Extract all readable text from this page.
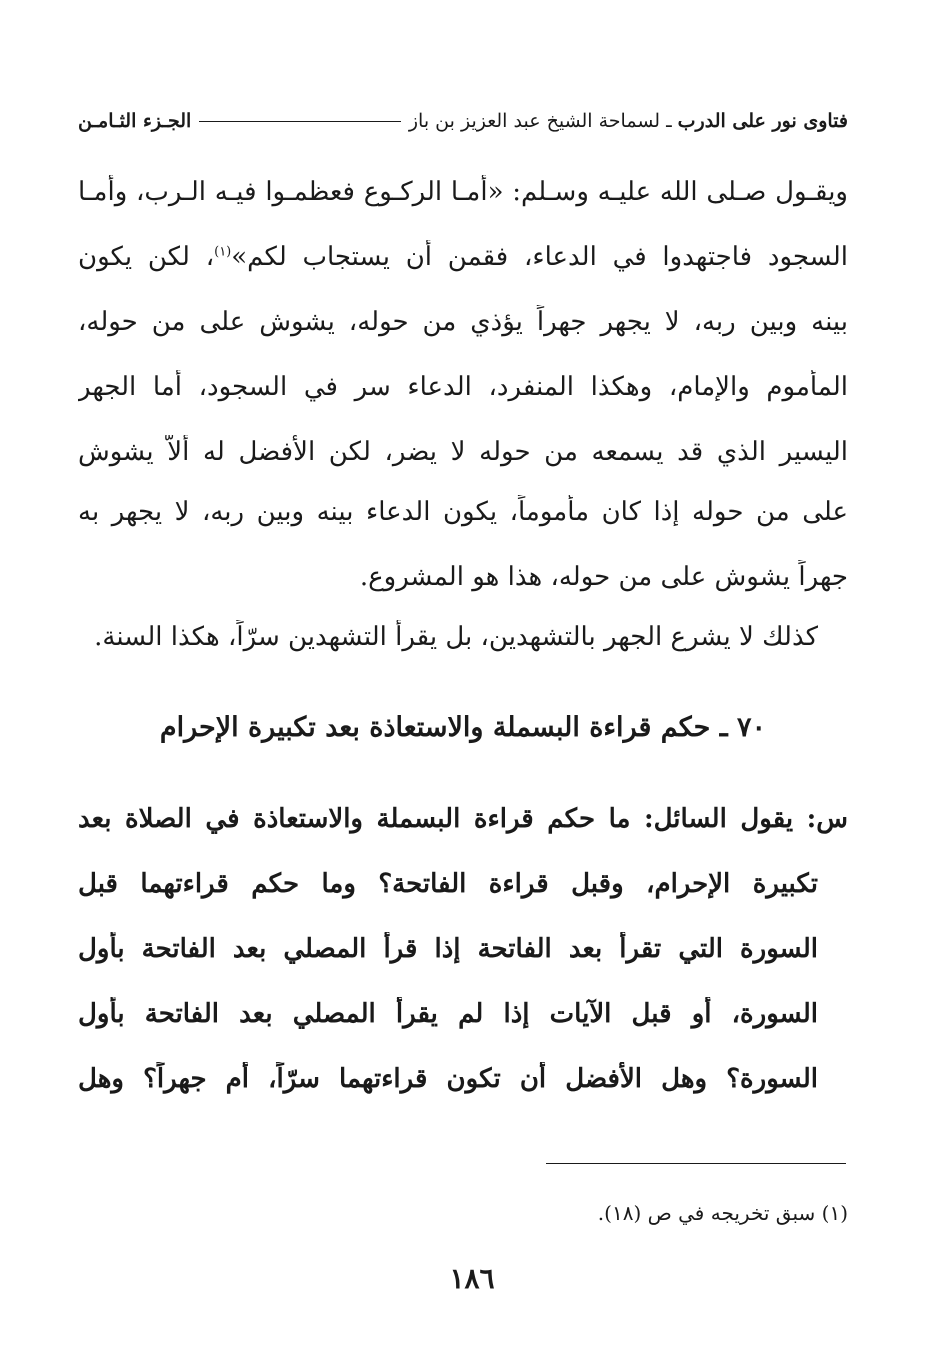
فتاوى نور على الدرب
ـ
لسماحة الشيخ عبد العزيز بن باز
الجـزء الثـامـن
ويقـول صـلى الله عليـه وسـلم: «أمـا الركـوع فعظمـوا فيـه الـرب، وأمـا
السجود فاجتهدوا في الدعاء، فقمن أن يستجاب لكم»$^{(١)}$، لكن يكون
بينه وبين ربه، لا يجهر جهراً يؤذي من حوله، يشوش على من حوله،
المأموم والإمام، وهكذا المنفرد، الدعاء سر في السجود، أما الجهر
اليسير الذي قد يسمعه من حوله لا يضر، لكن الأفضل له ألاّ يشوش
على من حوله إذا كان مأموماً، يكون الدعاء بينه وبين ربه، لا يجهر به
جهراً يشوش على من حوله، هذا هو المشروع.
كذلك لا يشرع الجهر بالتشهدين، بل يقرأ التشهدين سرّاً، هكذا السنة.
٧٠ ـ حكم قراءة البسملة والاستعاذة بعد تكبيرة الإحرام
س: يقول السائل: ما حكم قراءة البسملة والاستعاذة في الصلاة بعد
تكبيرة الإحرام، وقبل قراءة الفاتحة؟ وما حكم قراءتهما قبل
السورة التي تقرأ بعد الفاتحة إذا قرأ المصلي بعد الفاتحة بأول
السورة، أو قبل الآيات إذا لم يقرأ المصلي بعد الفاتحة بأول
السورة؟ وهل الأفضل أن تكون قراءتهما سرّاً، أم جهراً؟ وهل
(١) سبق تخريجه في ص (١٨).
١٨٦
